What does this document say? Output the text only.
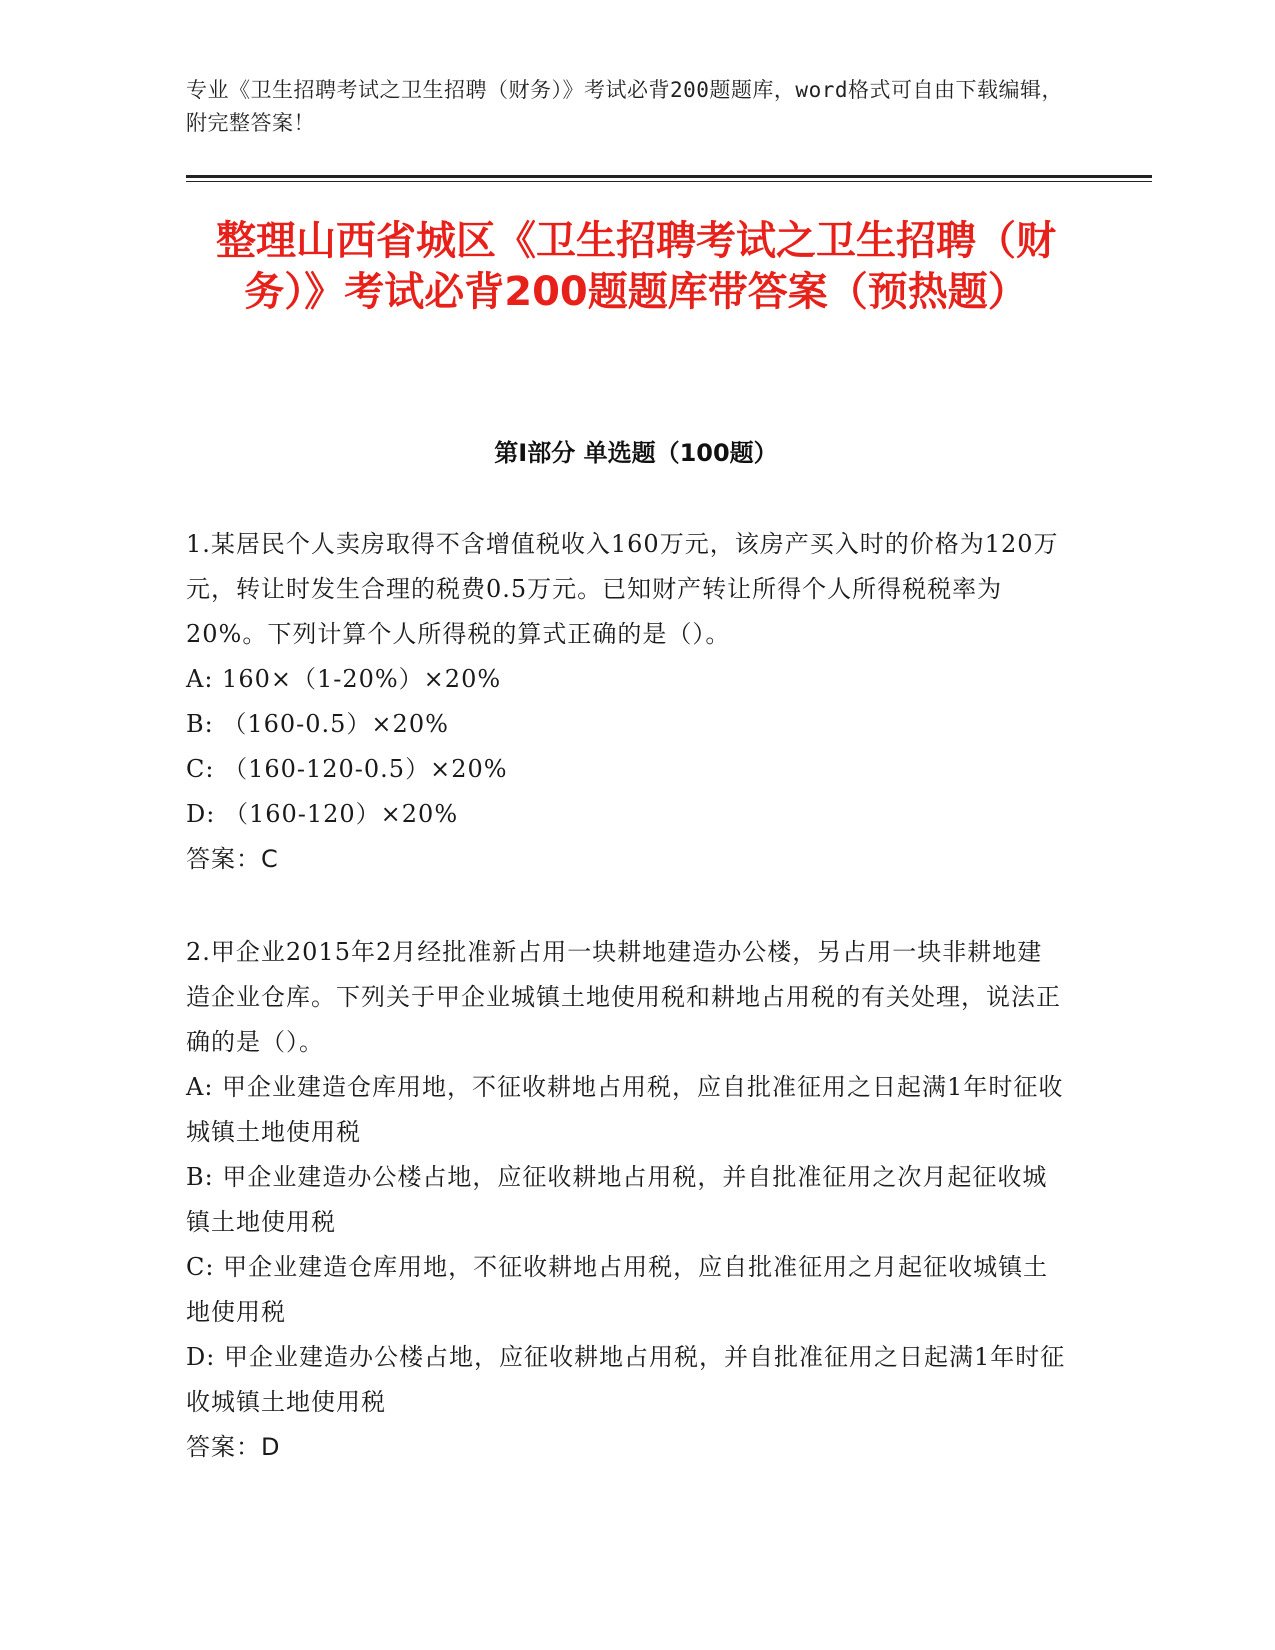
专业《卫生招聘考试之卫生招聘（财务）》考试必背200题题库，word格式可自由下载编辑，附完整答案！
整理山西省城区《卫生招聘考试之卫生招聘（财务）》考试必背200题题库带答案（预热题）
第Ⅰ部分 单选题（100题）

1.某居民个人卖房取得不含增值税收入160万元，该房产买入时的价格为120万元，转让时发生合理的税费0.5万元。已知财产转让所得个人所得税税率为20%。下列计算个人所得税的算式正确的是（）。

A: 160×（1-20%）×20%

B: （160-0.5）×20%

C: （160-120-0.5）×20%

D: （160-120）×20%

答案：C

2.甲企业2015年2月经批准新占用一块耕地建造办公楼，另占用一块非耕地建造企业仓库。下列关于甲企业城镇土地使用税和耕地占用税的有关处理，说法正确的是（）。

A: 甲企业建造仓库用地，不征收耕地占用税，应自批准征用之日起满1年时征收城镇土地使用税

B: 甲企业建造办公楼占地，应征收耕地占用税，并自批准征用之次月起征收城镇土地使用税

C: 甲企业建造仓库用地，不征收耕地占用税，应自批准征用之月起征收城镇土地使用税

D: 甲企业建造办公楼占地，应征收耕地占用税，并自批准征用之日起满1年时征收城镇土地使用税

答案：D
